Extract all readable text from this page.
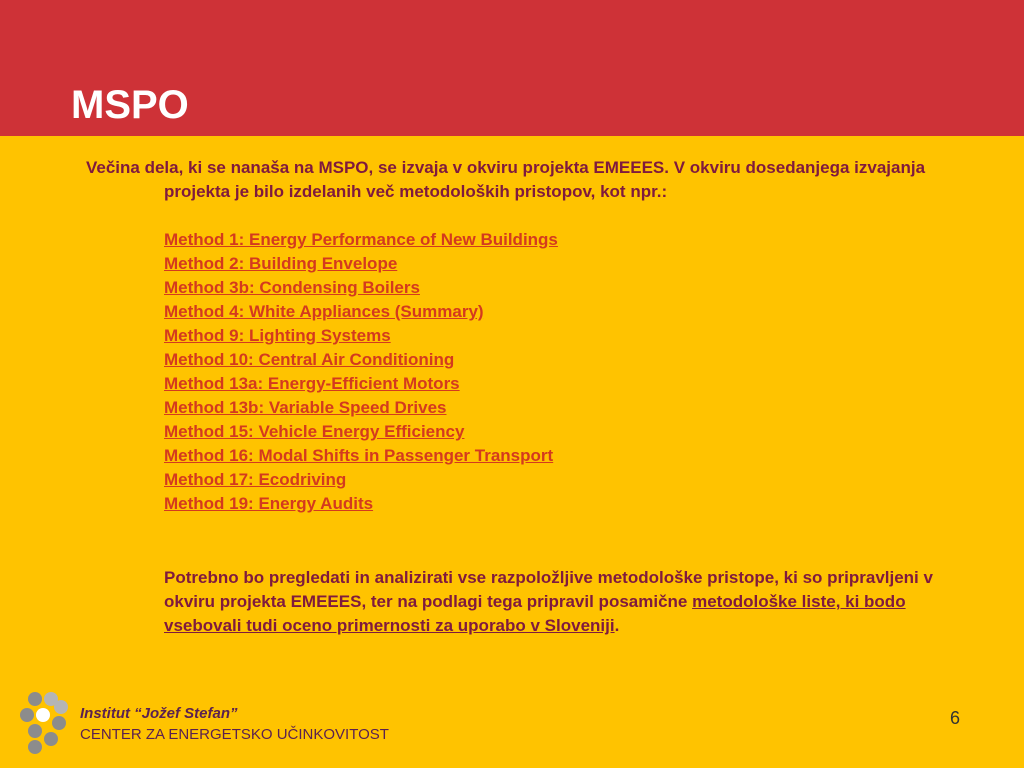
MSPO

Večina dela, ki se nanaša na MSPO, se izvaja v okviru projekta EMEEES. V okviru dosedanjega izvajanja projekta je bilo izdelanih več metodoloških pristopov, kot npr.:

Method 1: Energy Performance of New Buildings
Method 2: Building Envelope
Method 3b: Condensing Boilers
Method 4: White Appliances (Summary)
Method 9: Lighting Systems
Method 10: Central Air Conditioning
Method 13a: Energy-Efficient Motors
Method 13b: Variable Speed Drives
Method 15: Vehicle Energy Efficiency
Method 16: Modal Shifts in Passenger Transport
Method 17: Ecodriving
Method 19: Energy Audits

Potrebno bo pregledati in analizirati vse razpoložljive metodološke pristope, ki so pripravljeni v okviru projekta EMEEES, ter na podlagi tega pripravil posamične metodološke liste, ki bodo vsebovali tudi oceno primernosti za uporabo v Sloveniji.

Institut “Jožef Stefan”
CENTER ZA ENERGETSKO UČINKOVITOST
6
